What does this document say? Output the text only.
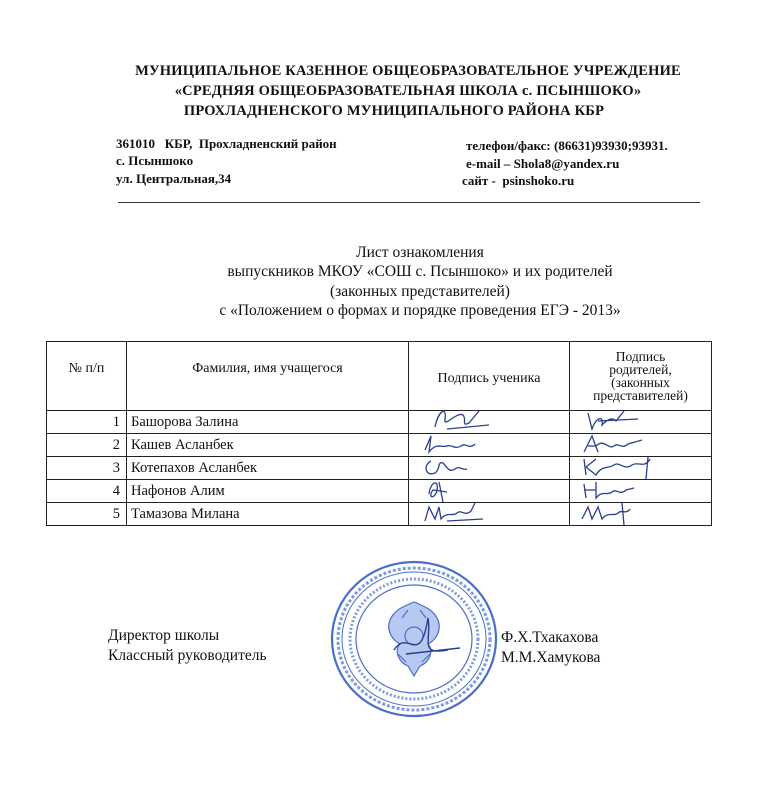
МУНИЦИПАЛЬНОЕ КАЗЕННОЕ ОБЩЕОБРАЗОВАТЕЛЬНОЕ УЧРЕЖДЕНИЕ
«СРЕДНЯЯ ОБЩЕОБРАЗОВАТЕЛЬНАЯ ШКОЛА с. ПСЫНШОКО»
ПРОХЛАДНЕНСКОГО МУНИЦИПАЛЬНОГО РАЙОНА КБР
361010   КБР,  Прохладненский район
с. Псыншоко
ул. Центральная,34
телефон/факс: (86631)93930;93931.
e-mail – Shola8@yandex.ru
сайт -  psinshoko.ru
Лист ознакомления
выпускников МКОУ «СОШ с. Псыншоко» и их родителей
(законных представителей)
с «Положением о формах и порядке проведения ЕГЭ - 2013»
№ п/п	Фамилия, имя учащегося	Подпись ученика	Подпись
родителей,
(законных
представителей)

1	Башорова Залина	

2	Кашев Асланбек	

3	Котепахов Асланбек	

4	Нафонов Алим	

5	Тамазова Милана	

Директор школы
Классный руководитель
Ф.Х.Тхакахова
М.М.Хамукова
